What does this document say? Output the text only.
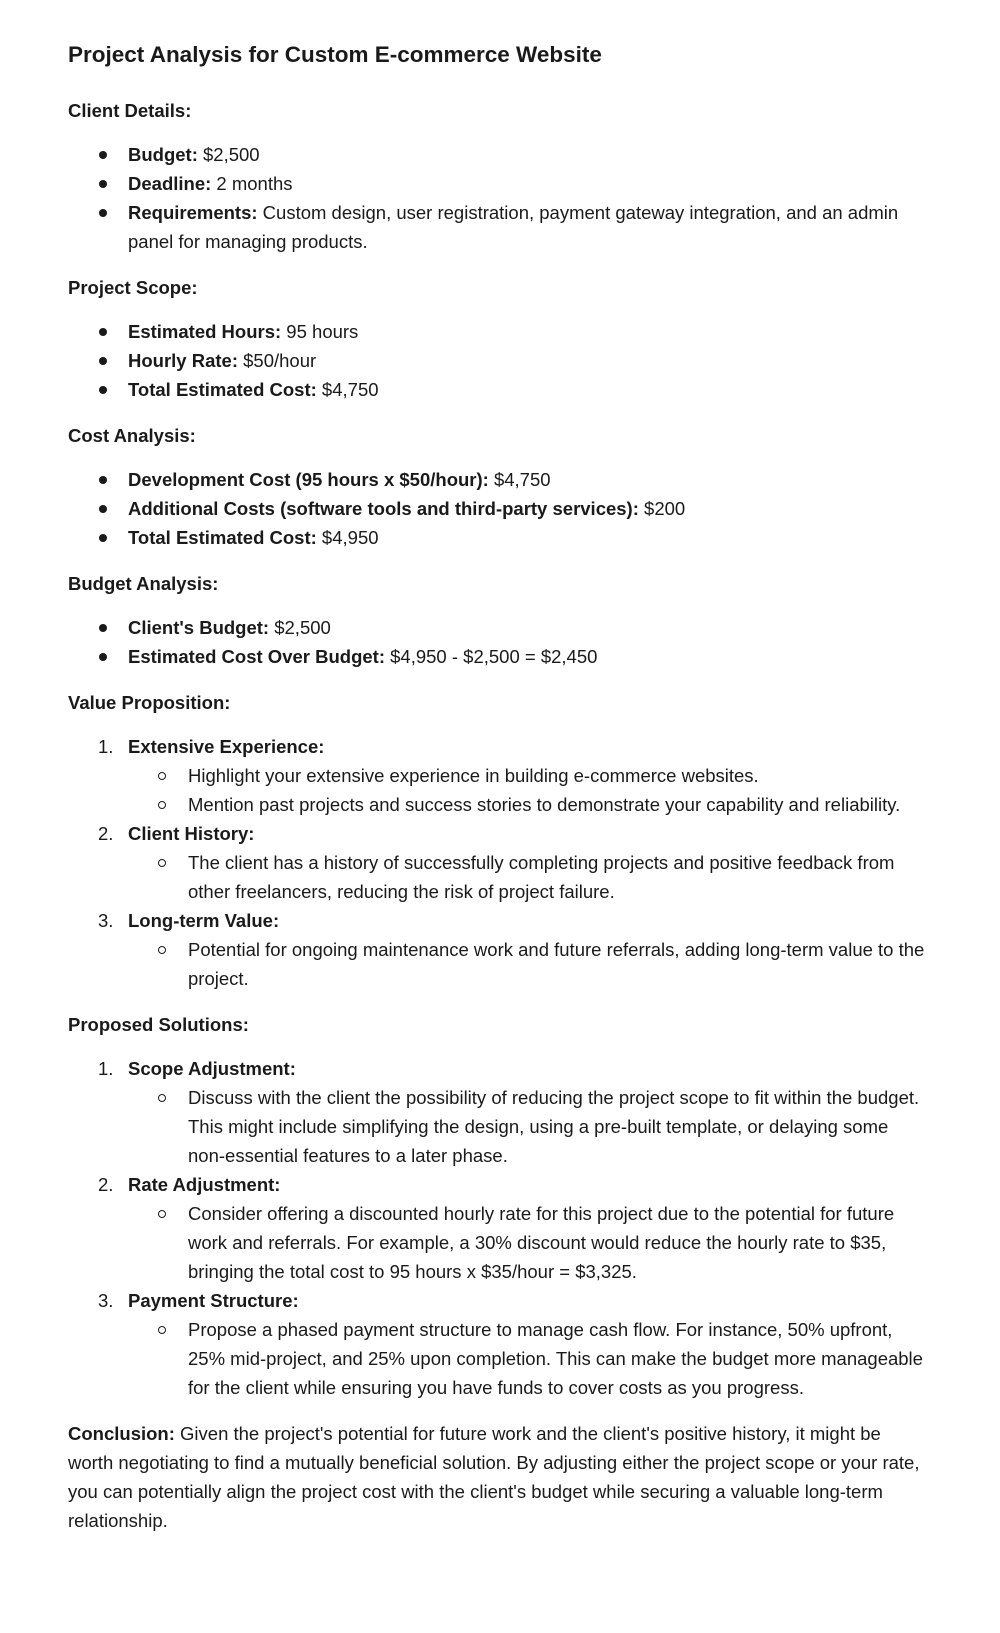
Project Analysis for Custom E-commerce Website
Client Details:
Budget: $2,500
Deadline: 2 months
Requirements: Custom design, user registration, payment gateway integration, and an admin panel for managing products.
Project Scope:
Estimated Hours: 95 hours
Hourly Rate: $50/hour
Total Estimated Cost: $4,750
Cost Analysis:
Development Cost (95 hours x $50/hour): $4,750
Additional Costs (software tools and third-party services): $200
Total Estimated Cost: $4,950
Budget Analysis:
Client's Budget: $2,500
Estimated Cost Over Budget: $4,950 - $2,500 = $2,450
Value Proposition:
1. Extensive Experience:
Highlight your extensive experience in building e-commerce websites.
Mention past projects and success stories to demonstrate your capability and reliability.
2. Client History:
The client has a history of successfully completing projects and positive feedback from other freelancers, reducing the risk of project failure.
3. Long-term Value:
Potential for ongoing maintenance work and future referrals, adding long-term value to the project.
Proposed Solutions:
1. Scope Adjustment:
Discuss with the client the possibility of reducing the project scope to fit within the budget. This might include simplifying the design, using a pre-built template, or delaying some non-essential features to a later phase.
2. Rate Adjustment:
Consider offering a discounted hourly rate for this project due to the potential for future work and referrals. For example, a 30% discount would reduce the hourly rate to $35, bringing the total cost to 95 hours x $35/hour = $3,325.
3. Payment Structure:
Propose a phased payment structure to manage cash flow. For instance, 50% upfront, 25% mid-project, and 25% upon completion. This can make the budget more manageable for the client while ensuring you have funds to cover costs as you progress.

Conclusion: Given the project's potential for future work and the client's positive history, it might be worth negotiating to find a mutually beneficial solution. By adjusting either the project scope or your rate, you can potentially align the project cost with the client's budget while securing a valuable long-term relationship.
